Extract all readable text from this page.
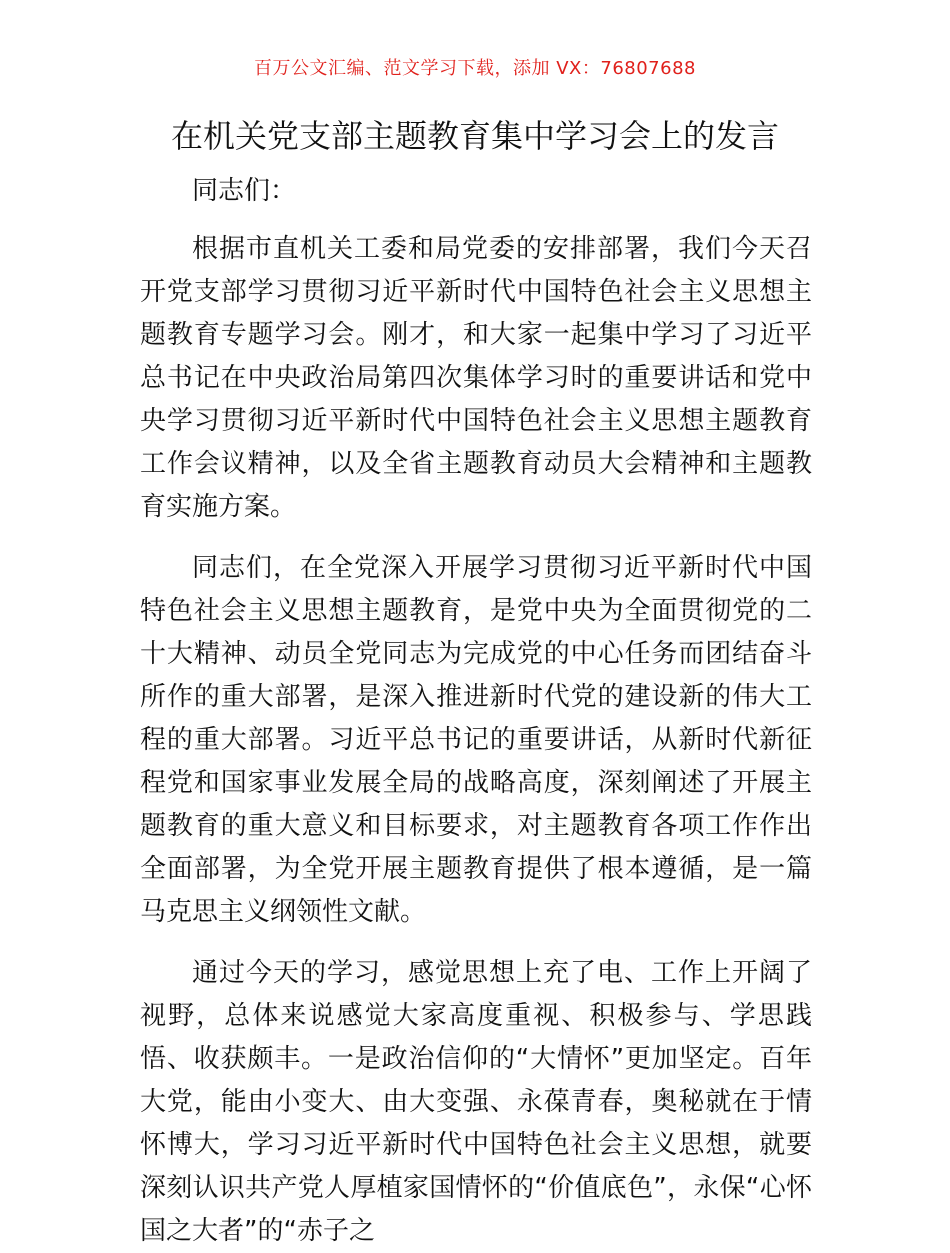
百万公文汇编、范文学习下载，添加 VX：76807688
在机关党支部主题教育集中学习会上的发言

同志们：

根据市直机关工委和局党委的安排部署，我们今天召开党支部学习贯彻习近平新时代中国特色社会主义思想主题教育专题学习会。刚才，和大家一起集中学习了习近平总书记在中央政治局第四次集体学习时的重要讲话和党中央学习贯彻习近平新时代中国特色社会主义思想主题教育工作会议精神，以及全省主题教育动员大会精神和主题教育实施方案。

同志们，在全党深入开展学习贯彻习近平新时代中国特色社会主义思想主题教育，是党中央为全面贯彻党的二十大精神、动员全党同志为完成党的中心任务而团结奋斗所作的重大部署，是深入推进新时代党的建设新的伟大工程的重大部署。习近平总书记的重要讲话，从新时代新征程党和国家事业发展全局的战略高度，深刻阐述了开展主题教育的重大意义和目标要求，对主题教育各项工作作出全面部署，为全党开展主题教育提供了根本遵循，是一篇马克思主义纲领性文献。

通过今天的学习，感觉思想上充了电、工作上开阔了视野，总体来说感觉大家高度重视、积极参与、学思践悟、收获颇丰。一是政治信仰的“大情怀”更加坚定。百年大党，能由小变大、由大变强、永葆青春，奥秘就在于情怀博大，学习习近平新时代中国特色社会主义思想，就要深刻认识共产党人厚植家国情怀的“价值底色”，永保“心怀国之大者”的“赤子之
